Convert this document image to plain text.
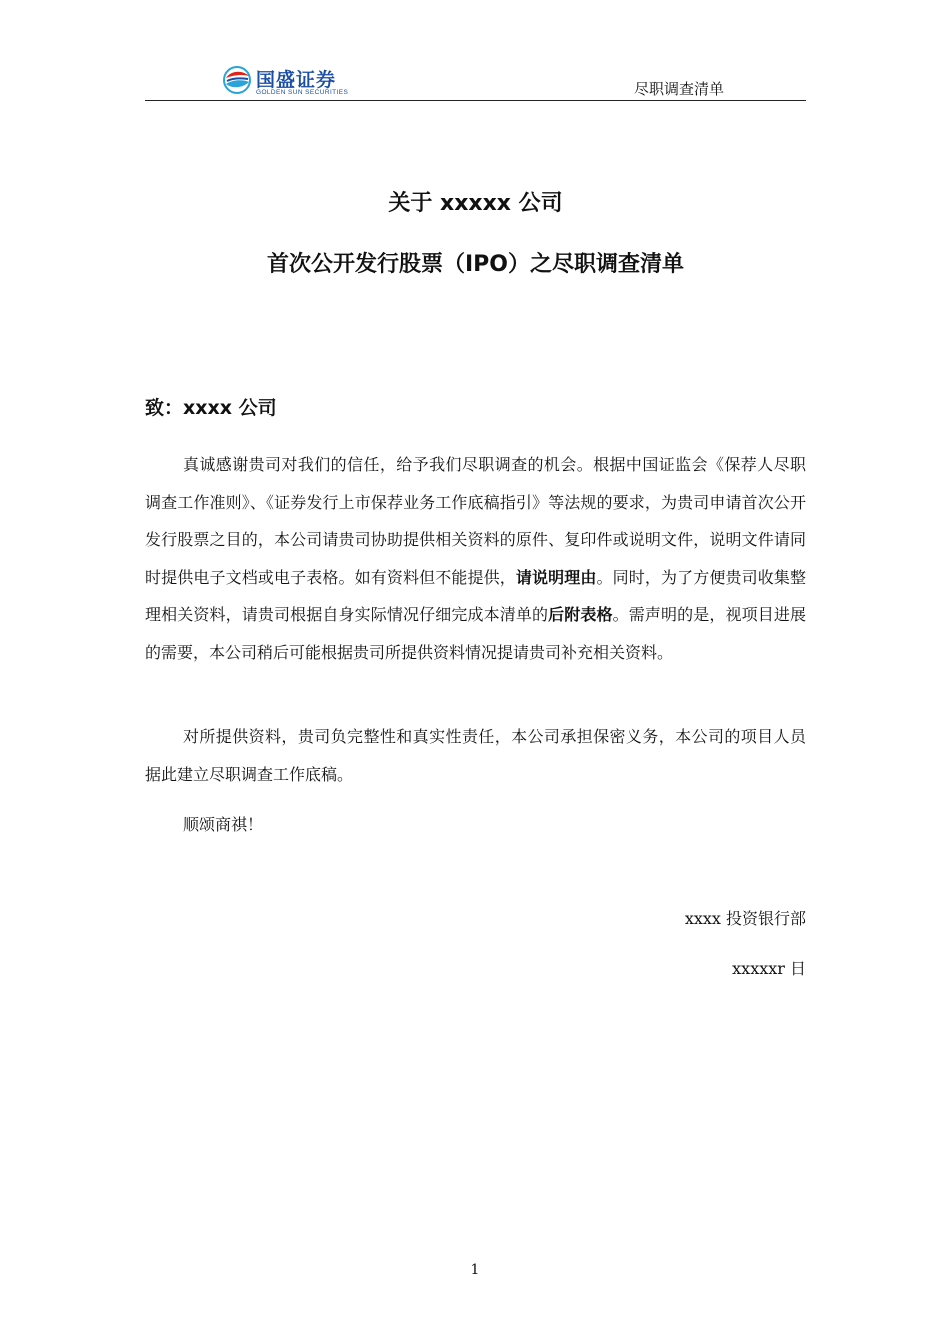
国盛证券
GOLDEN SUN SECURITIES	尽职调查清单
关于 xxxxx 公司
首次公开发行股票（IPO）之尽职调查清单
致：xxxx 公司

真诚感谢贵司对我们的信任，给予我们尽职调查的机会。根据中国证监会《保荐人尽职调查工作准则》、《证券发行上市保荐业务工作底稿指引》等法规的要求，为贵司申请首次公开发行股票之目的，本公司请贵司协助提供相关资料的原件、复印件或说明文件，说明文件请同时提供电子文档或电子表格。如有资料但不能提供，请说明理由。同时，为了方便贵司收集整理相关资料，请贵司根据自身实际情况仔细完成本清单的后附表格。需声明的是，视项目进展的需要，本公司稍后可能根据贵司所提供资料情况提请贵司补充相关资料。

对所提供资料，贵司负完整性和真实性责任，本公司承担保密义务，本公司的项目人员据此建立尽职调查工作底稿。

顺颂商祺！

xxxx 投资银行部
xxxxxr 日
1
